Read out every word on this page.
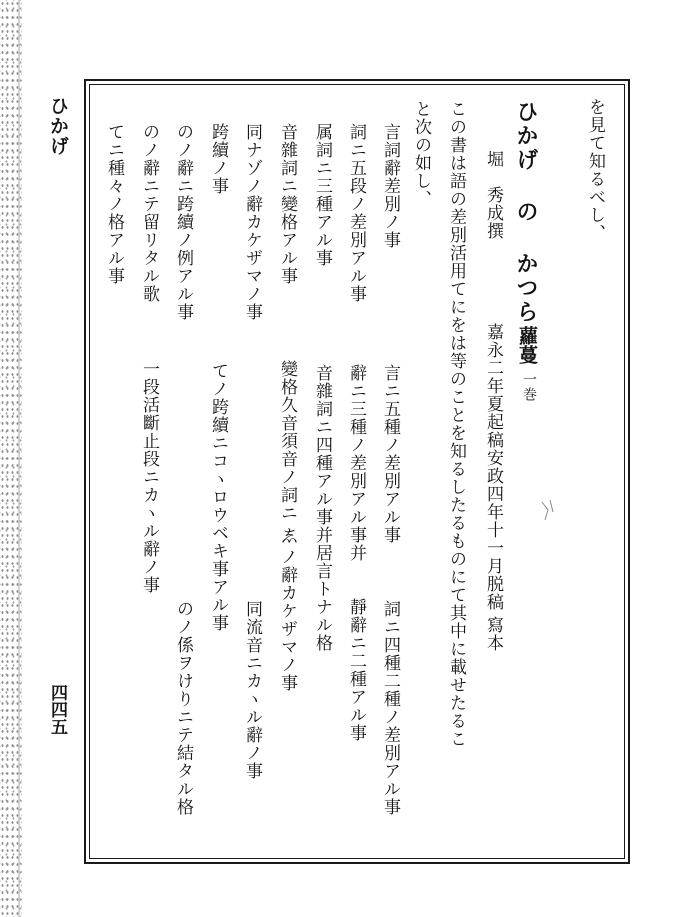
ひかげ
四四五
を見て知るべし、
この書は語の差別活用てにをは等のことを知るしたるものにて其中に載せたるこ
と次の如し、	ひかげ の かつら
蘿蔓
一巻
堀　秀成撰
嘉永二年夏起稿安政四年十一月脱稿
寫本
言詞辭差別ノ事
言ニ五種ノ差別アル事
詞ニ四種二種ノ差別アル事
詞ニ五段ノ差別アル事
辭ニ三種ノ差別アル事并
靜辭ニ二種アル事
属詞ニ三種アル事
音雜詞ニ四種アル事并居言トナル格
音雜詞ニ變格アル事
變格久音須音ノ詞ニ𛁈ノ辭カケザマノ事
同ナゾノ辭カケザマノ事
同流音ニカヽル辭ノ事
跨續ノ事
てノ跨續ニコヽロウベキ事アル事
のノ辭ニ跨續ノ例アル事
のノ係ヲけりニテ結タル格
のノ辭ニテ留リタル歌
一段活斷止段ニカヽル辭ノ事
てニ種々ノ格アル事
